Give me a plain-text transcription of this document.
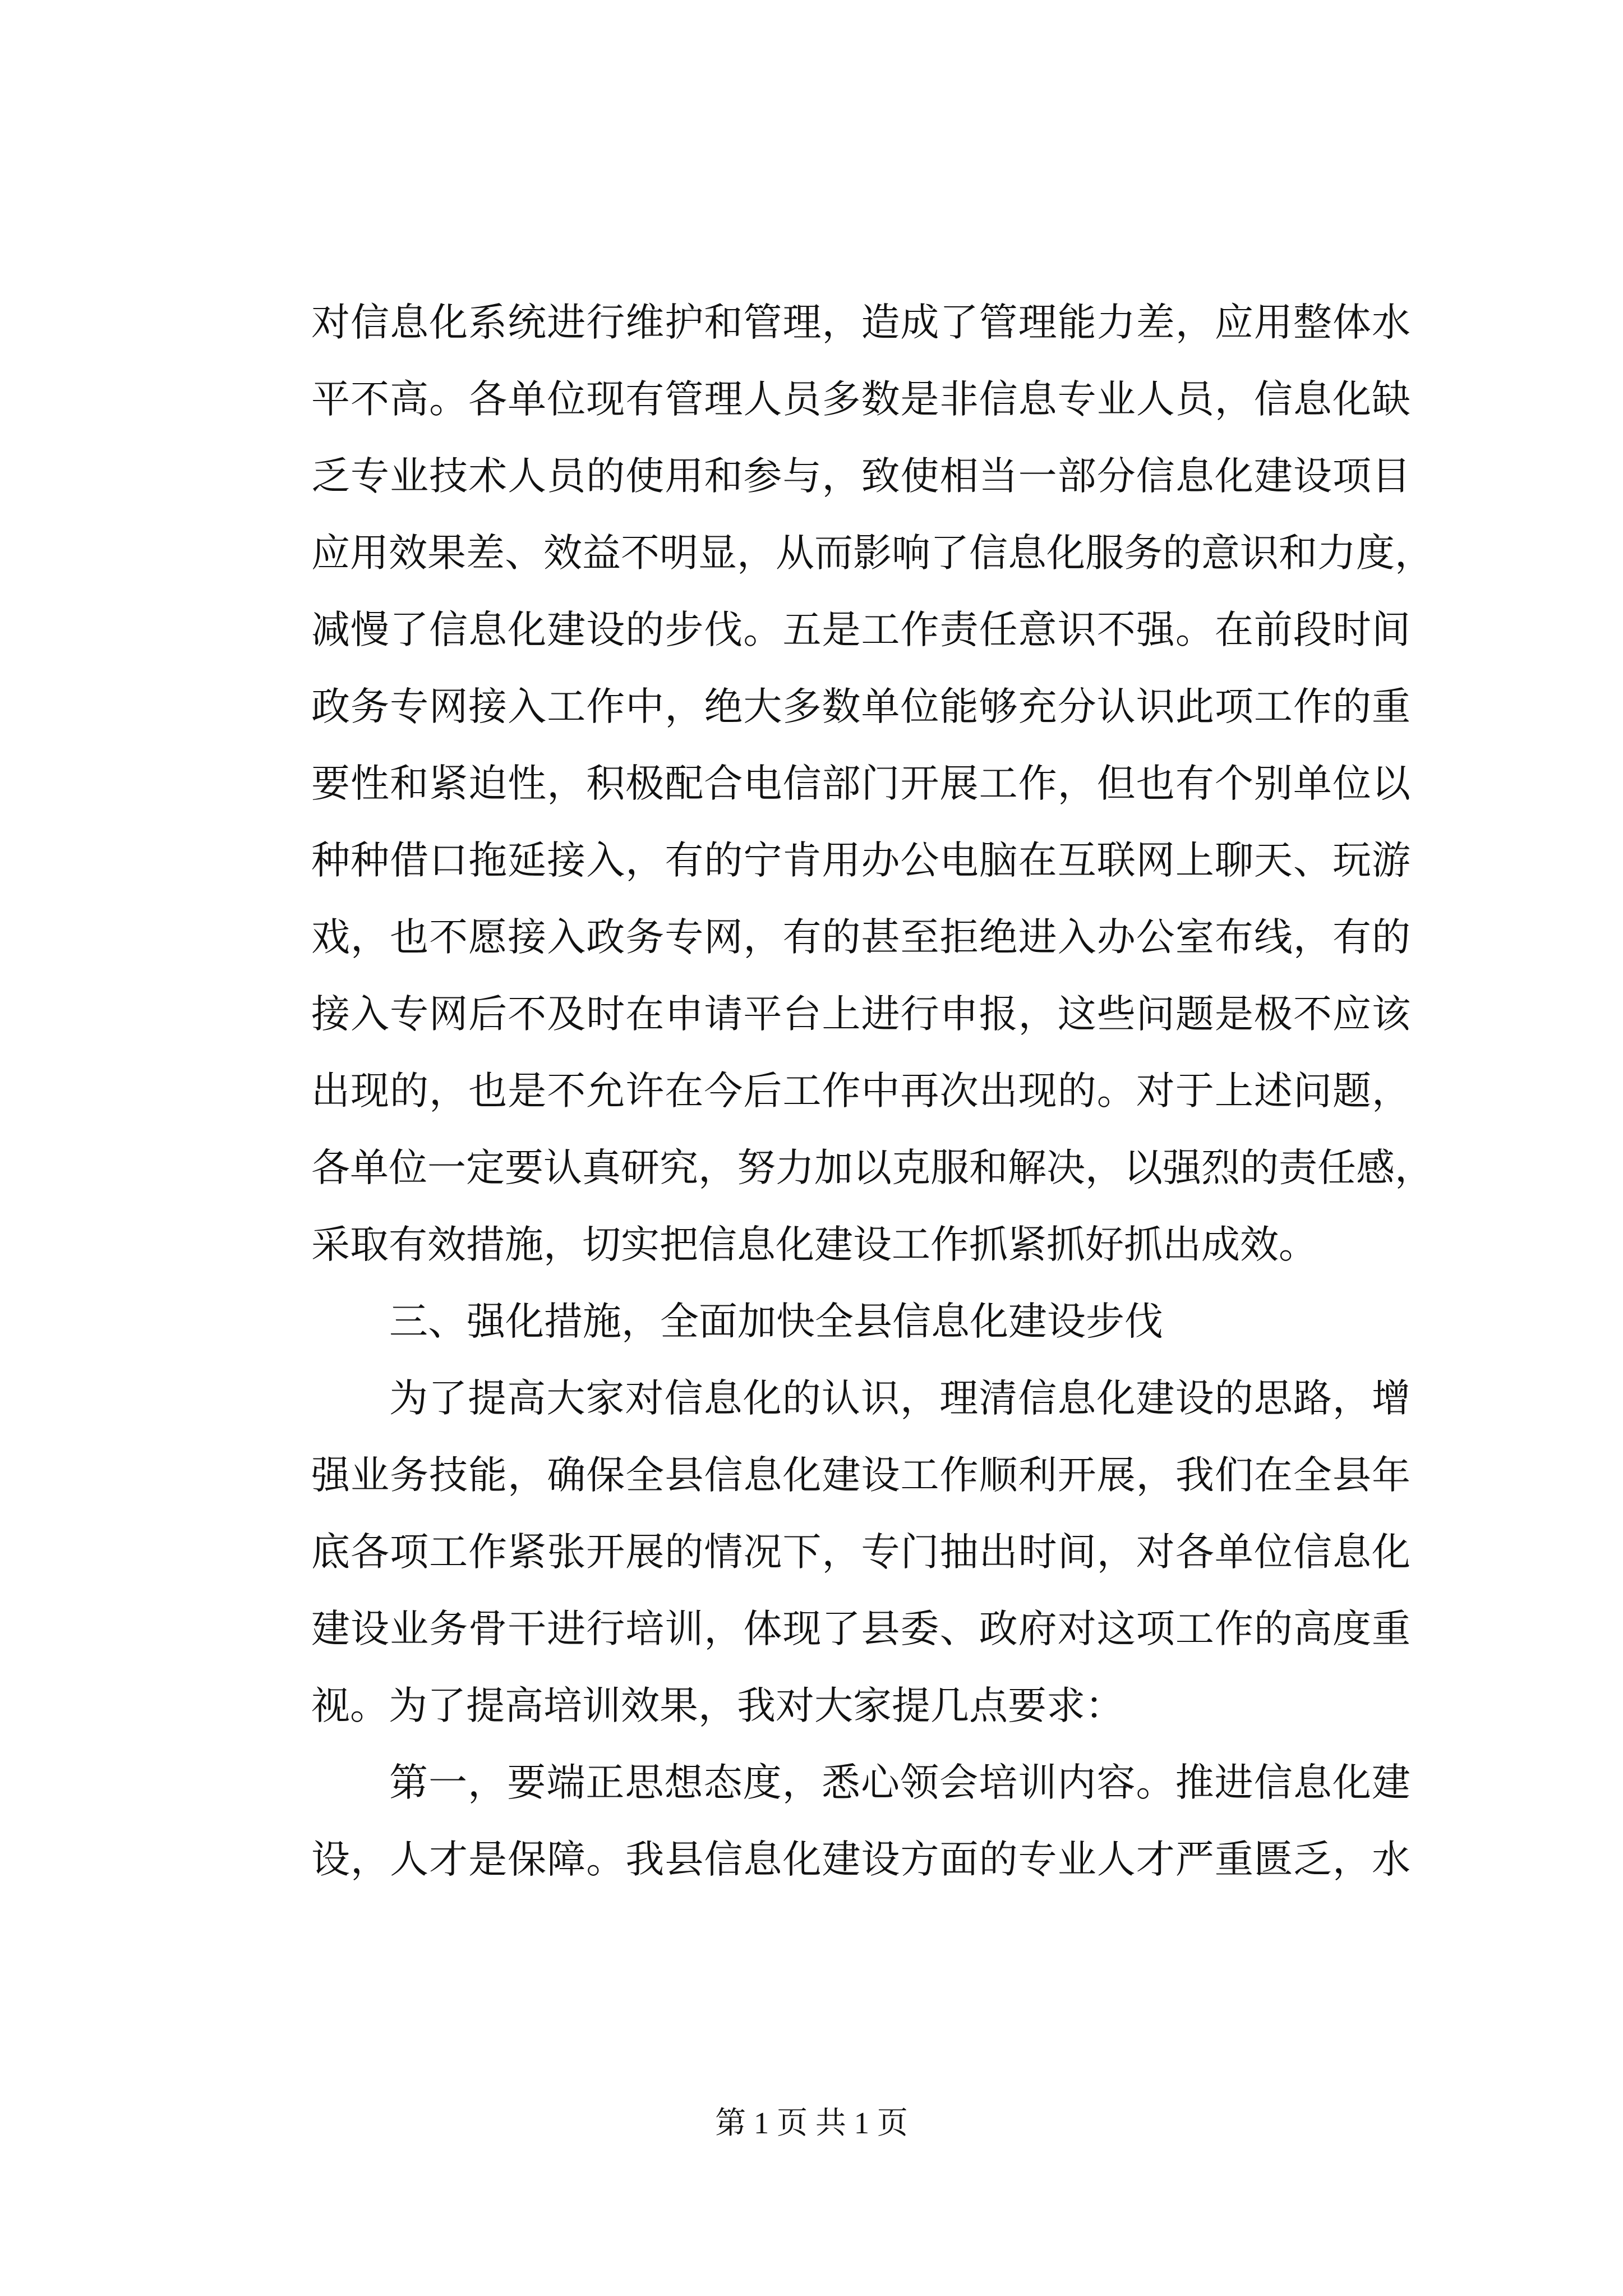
对信息化系统进行维护和管理，造成了管理能力差，应用整体水
平不高。各单位现有管理人员多数是非信息专业人员，信息化缺
乏专业技术人员的使用和参与，致使相当一部分信息化建设项目
应用效果差、效益不明显，从而影响了信息化服务的意识和力度，
减慢了信息化建设的步伐。五是工作责任意识不强。在前段时间
政务专网接入工作中，绝大多数单位能够充分认识此项工作的重
要性和紧迫性，积极配合电信部门开展工作，但也有个别单位以
种种借口拖延接入，有的宁肯用办公电脑在互联网上聊天、玩游
戏，也不愿接入政务专网，有的甚至拒绝进入办公室布线，有的
接入专网后不及时在申请平台上进行申报，这些问题是极不应该
出现的，也是不允许在今后工作中再次出现的。对于上述问题，
各单位一定要认真研究，努力加以克服和解决，以强烈的责任感，
采取有效措施，切实把信息化建设工作抓紧抓好抓出成效。
三、强化措施，全面加快全县信息化建设步伐
为了提高大家对信息化的认识，理清信息化建设的思路，增
强业务技能，确保全县信息化建设工作顺利开展，我们在全县年
底各项工作紧张开展的情况下，专门抽出时间，对各单位信息化
建设业务骨干进行培训，体现了县委、政府对这项工作的高度重
视。为了提高培训效果，我对大家提几点要求：
第一，要端正思想态度，悉心领会培训内容。推进信息化建
设，人才是保障。我县信息化建设方面的专业人才严重匮乏，水
第 1 页 共 1 页
